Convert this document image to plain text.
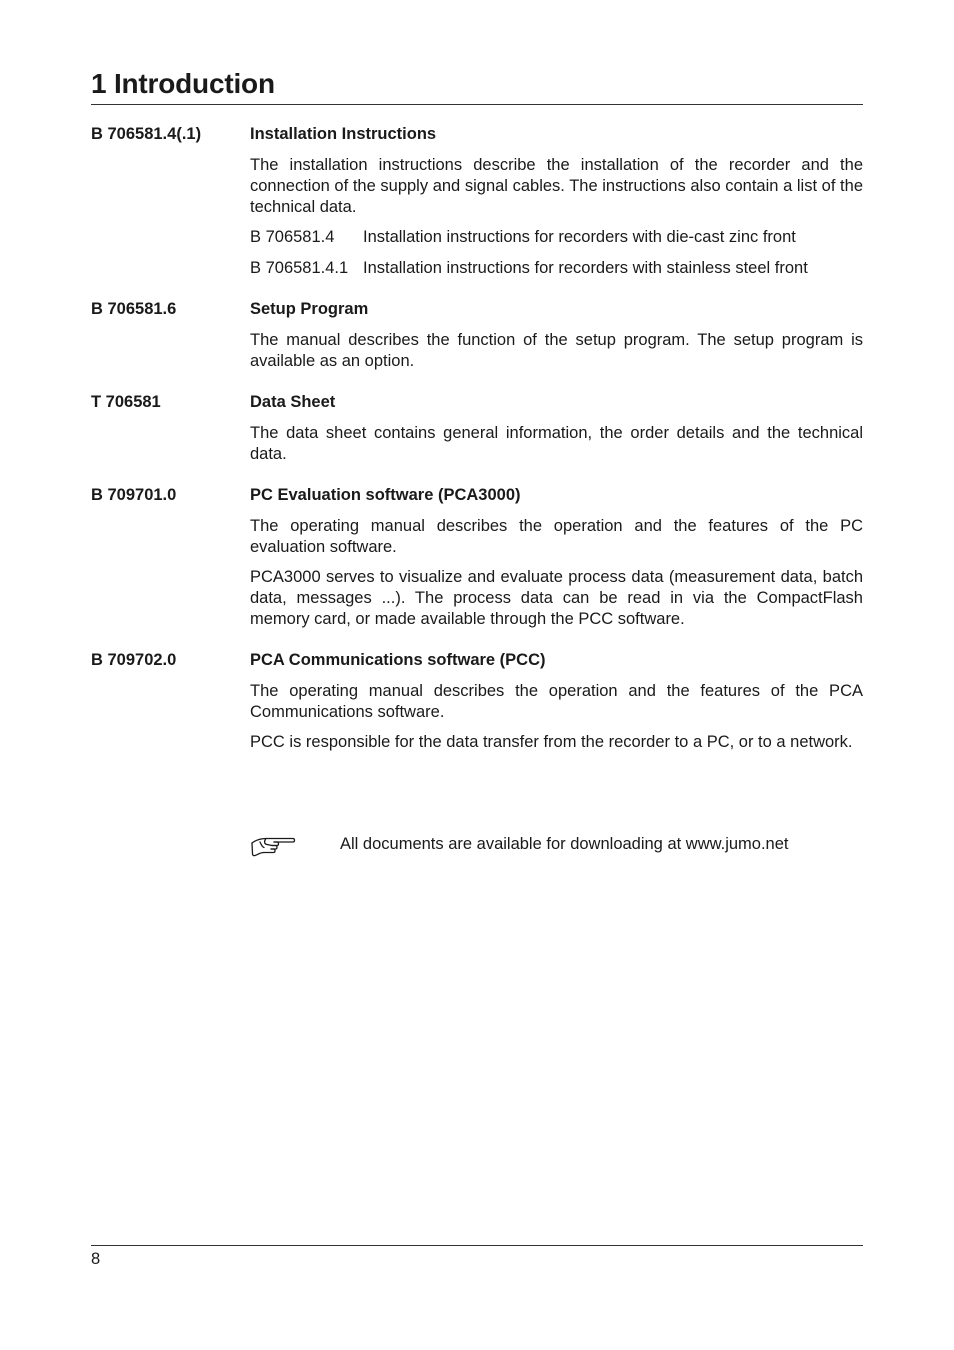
1 Introduction
B 706581.4(.1)	Installation Instructions

The installation instructions describe the installation of the recorder and the connection of the supply and signal cables. The instructions also contain a list of the technical data.

B 706581.4	Installation instructions for recorders with die-cast zinc front
B 706581.4.1 Installation instructions for recorders with stainless steel front
B 706581.6	Setup Program

The manual describes the function of the setup program. The setup program is available as an option.

T 706581	Data Sheet

The data sheet contains general information, the order details and the technical data.

B 709701.0	PC Evaluation software (PCA3000)

The operating manual describes the operation and the features of the PC evaluation software.

PCA3000 serves to visualize and evaluate process data (measurement data, batch data, messages ...). The process data can be read in via the CompactFlash memory card, or made available through the PCC software.

B 709702.0	PCA Communications software (PCC)

The operating manual describes the operation and the features of the PCA Communications software.

PCC is responsible for the data transfer from the recorder to a PC, or to a network.

All documents are available for downloading at www.jumo.net
8
